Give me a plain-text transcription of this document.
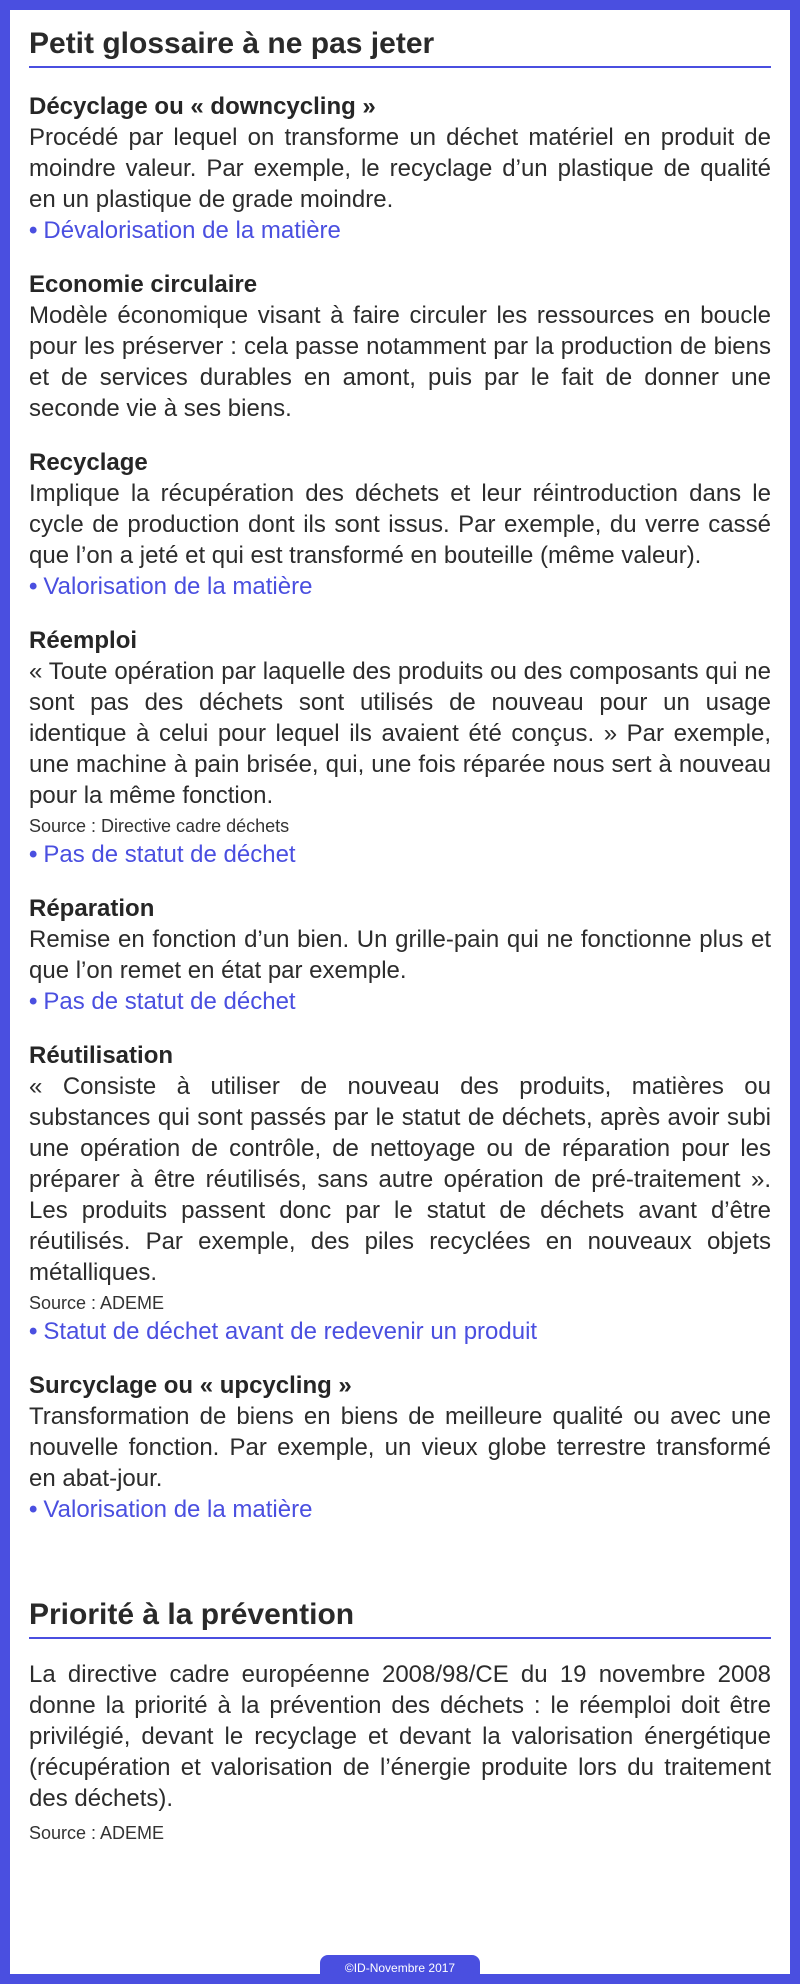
Petit glossaire à ne pas jeter
Décyclage ou « downcycling »
Procédé par lequel on transforme un déchet matériel en produit de moindre valeur. Par exemple, le recyclage d’un plastique de qualité en un plastique de grade moindre.
• Dévalorisation de la matière
Economie circulaire
Modèle économique visant à faire circuler les ressources en boucle pour les préserver : cela passe notamment par la production de biens et de services durables en amont, puis par le fait de donner une seconde vie à ses biens.
Recyclage
Implique la récupération des déchets et leur réintroduction dans le cycle de production dont ils sont issus. Par exemple, du verre cassé que l’on a jeté et qui est transformé en bouteille (même valeur).
• Valorisation de la matière
Réemploi
« Toute opération par laquelle des produits ou des composants qui ne sont pas des déchets sont utilisés de nouveau pour un usage identique à celui pour lequel ils avaient été conçus. » Par exemple, une machine à pain brisée, qui, une fois réparée nous sert à nouveau pour la même fonction.
Source : Directive cadre déchets
• Pas de statut de déchet
Réparation
Remise en fonction d’un bien. Un grille-pain qui ne fonctionne plus et que l’on remet en état par exemple.
• Pas de statut de déchet
Réutilisation
« Consiste à utiliser de nouveau des produits, matières ou substances qui sont passés par le statut de déchets, après avoir subi une opération de contrôle, de nettoyage ou de réparation pour les préparer à être réutilisés, sans autre opération de pré-traitement ». Les produits passent donc par le statut de déchets avant d’être réutilisés. Par exemple, des piles recyclées en nouveaux objets métalliques.
Source : ADEME
• Statut de déchet avant de redevenir un produit
Surcyclage ou « upcycling »
Transformation de biens en biens de meilleure qualité ou avec une nouvelle fonction. Par exemple, un vieux globe terrestre transformé en abat-jour.
• Valorisation de la matière
Priorité à la prévention
La directive cadre européenne 2008/98/CE du 19 novembre 2008 donne la priorité à la prévention des déchets : le réemploi doit être privilégié, devant le recyclage et devant la valorisation énergétique (récupération et valorisation de l’énergie produite lors du traitement des déchets).
Source : ADEME
©ID-Novembre 2017
